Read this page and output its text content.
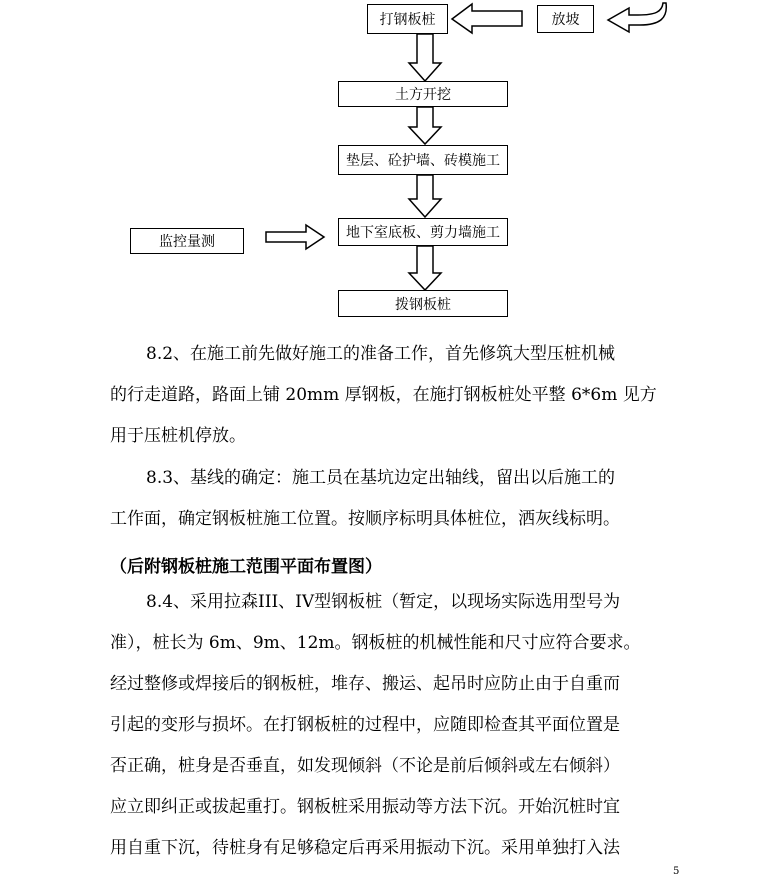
打钢板桩	放坡
土方开挖
垫层、砼护墙、砖模施工
地下室底板、剪力墙施工
拨钢板桩
监控量测
8.2、在施工前先做好施工的准备工作，首先修筑大型压桩机械
的行走道路，路面上铺 20mm 厚钢板，在施打钢板桩处平整 6*6m 见方
用于压桩机停放。
8.3、基线的确定：施工员在基坑边定出轴线，留出以后施工的
工作面，确定钢板桩施工位置。按顺序标明具体桩位，洒灰线标明。
（后附钢板桩施工范围平面布置图）
8.4、采用拉森III、IV型钢板桩（暂定，以现场实际选用型号为
准），桩长为 6m、9m、12m。钢板桩的机械性能和尺寸应符合要求。
经过整修或焊接后的钢板桩，堆存、搬运、起吊时应防止由于自重而
引起的变形与损坏。在打钢板桩的过程中，应随即检查其平面位置是
否正确，桩身是否垂直，如发现倾斜（不论是前后倾斜或左右倾斜）
应立即纠正或拔起重打。钢板桩采用振动等方法下沉。开始沉桩时宜
用自重下沉，待桩身有足够稳定后再采用振动下沉。采用单独打入法
5
